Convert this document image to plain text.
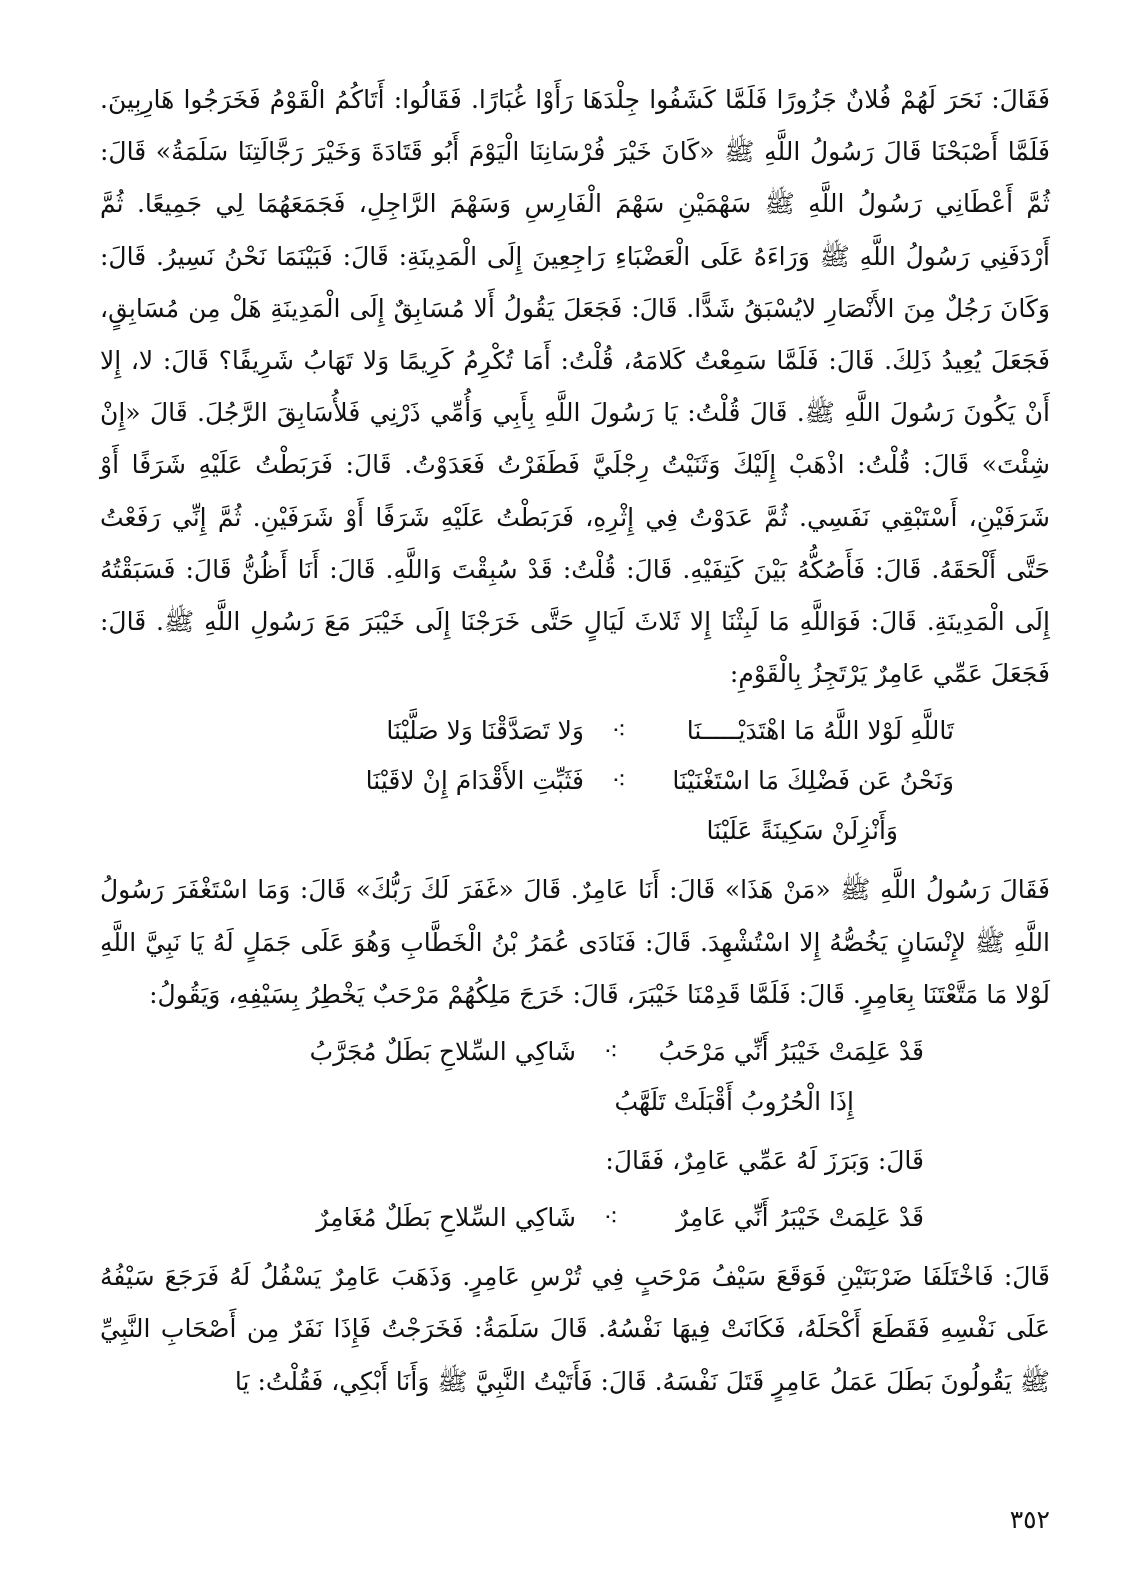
فَقَالَ: نَحَرَ لَهُمْ فُلانٌ جَزُورًا فَلَمَّا كَشَفُوا جِلْدَهَا رَأَوْا غُبَارًا. فَقَالُوا: أَتَاكُمُ الْقَوْمُ فَخَرَجُوا هَارِبِينَ. فَلَمَّا أَصْبَحْنَا قَالَ رَسُولُ اللَّهِ ﷺ «كَانَ خَيْرَ فُرْسَانِنَا الْيَوْمَ أَبُو قَتَادَةَ وَخَيْرَ رَجَّالَتِنَا سَلَمَةُ» قَالَ: ثُمَّ أَعْطَانِي رَسُولُ اللَّهِ ﷺ سَهْمَيْنِ سَهْمَ الْفَارِسِ وَسَهْمَ الرَّاجِلِ، فَجَمَعَهُمَا لِي جَمِيعًا. ثُمَّ أَرْدَفَنِي رَسُولُ اللَّهِ ﷺ وَرَاءَهُ عَلَى الْعَضْبَاءِ رَاجِعِينَ إِلَى الْمَدِينَةِ: قَالَ: فَبَيْنَمَا نَحْنُ نَسِيرُ. قَالَ: وَكَانَ رَجُلٌ مِنَ الأَنْصَارِ لايُسْبَقُ شَدًّا. قَالَ: فَجَعَلَ يَقُولُ أَلا مُسَابِقٌ إِلَى الْمَدِينَةِ هَلْ مِن مُسَابِقٍ، فَجَعَلَ يُعِيدُ ذَلِكَ. قَالَ: فَلَمَّا سَمِعْتُ كَلامَهُ، قُلْتُ: أَمَا تُكْرِمُ كَرِيمًا وَلا تَهَابُ شَرِيفًا؟ قَالَ: لا، إِلا أَنْ يَكُونَ رَسُولَ اللَّهِ ﷺ. قَالَ قُلْتُ: يَا رَسُولَ اللَّهِ بِأَبِي وَأُمِّي ذَرْنِي فَلأُسَابِقَ الرَّجُلَ. قَالَ «إِنْ شِئْتَ» قَالَ: قُلْتُ: اذْهَبْ إِلَيْكَ وَثَنَيْتُ رِجْلَيَّ فَطَفَرْتُ فَعَدَوْتُ. قَالَ: فَرَبَطْتُ عَلَيْهِ شَرَفًا أَوْ شَرَفَيْنِ، أَسْتَبْقِي نَفَسِي. ثُمَّ عَدَوْتُ فِي إِثْرِهِ، فَرَبَطْتُ عَلَيْهِ شَرَفًا أَوْ شَرَفَيْنِ. ثُمَّ إِنِّي رَفَعْتُ حَتَّى أَلْحَقَهُ. قَالَ: فَأَصُكُّهُ بَيْنَ كَتِفَيْهِ. قَالَ: قُلْتُ: قَدْ سُبِقْتَ وَاللَّهِ. قَالَ: أَنَا أَظُنُّ قَالَ: فَسَبَقْتُهُ إِلَى الْمَدِينَةِ. قَالَ: فَوَاللَّهِ مَا لَبِثْنَا إِلا ثَلاثَ لَيَالٍ حَتَّى خَرَجْنَا إِلَى خَيْبَرَ مَعَ رَسُولِ اللَّهِ ﷺ. قَالَ: فَجَعَلَ عَمِّي عَامِرٌ يَرْتَجِزُ بِالْقَوْمِ:

تَاللَّهِ لَوْلا اللَّهُ مَا اهْتَدَيْـــــنَا
⁖
وَلا تَصَدَّقْنَا وَلا صَلَّيْنَا
وَنَحْنُ عَن فَضْلِكَ مَا اسْتَغْنَيْنَا
⁖
فَثَبِّتِ الأَقْدَامَ إِنْ لاقَيْنَا
وَأَنْزِلَنْ سَكِينَةً عَلَيْنَا

فَقَالَ رَسُولُ اللَّهِ ﷺ «مَنْ هَذَا» قَالَ: أَنَا عَامِرٌ. قَالَ «غَفَرَ لَكَ رَبُّكَ» قَالَ: وَمَا اسْتَغْفَرَ رَسُولُ اللَّهِ ﷺ لإِنْسَانٍ يَخُصُّهُ إِلا اسْتُشْهِدَ. قَالَ: فَنَادَى عُمَرُ بْنُ الْخَطَّابِ وَهُوَ عَلَى جَمَلٍ لَهُ يَا نَبِيَّ اللَّهِ لَوْلا مَا مَتَّعْتَنَا بِعَامِرٍ. قَالَ: فَلَمَّا قَدِمْنَا خَيْبَرَ، قَالَ: خَرَجَ مَلِكُهُمْ مَرْحَبٌ يَخْطِرُ بِسَيْفِهِ، وَيَقُولُ:

قَدْ عَلِمَتْ خَيْبَرُ أَنِّي مَرْحَبُ
⁖
شَاكِي السِّلاحِ بَطَلٌ مُجَرَّبُ
إِذَا الْحُرُوبُ أَقْبَلَتْ تَلَهَّبُ

قَالَ: وَبَرَزَ لَهُ عَمِّي عَامِرٌ، فَقَالَ:

قَدْ عَلِمَتْ خَيْبَرُ أَنِّي عَامِرٌ
⁖
شَاكِي السِّلاحِ بَطَلٌ مُغَامِرٌ

قَالَ: فَاخْتَلَفَا ضَرْبَتَيْنِ فَوَقَعَ سَيْفُ مَرْحَبٍ فِي تُرْسِ عَامِرٍ. وَذَهَبَ عَامِرٌ يَسْفُلُ لَهُ فَرَجَعَ سَيْفُهُ عَلَى نَفْسِهِ فَقَطَعَ أَكْحَلَهُ، فَكَانَتْ فِيهَا نَفْسُهُ. قَالَ سَلَمَةُ: فَخَرَجْتُ فَإِذَا نَفَرٌ مِن أَصْحَابِ النَّبِيِّ ﷺ يَقُولُونَ بَطَلَ عَمَلُ عَامِرٍ قَتَلَ نَفْسَهُ. قَالَ: فَأَتَيْتُ النَّبِيَّ ﷺ وَأَنَا أَبْكِي، فَقُلْتُ: يَا

٣٥٢
